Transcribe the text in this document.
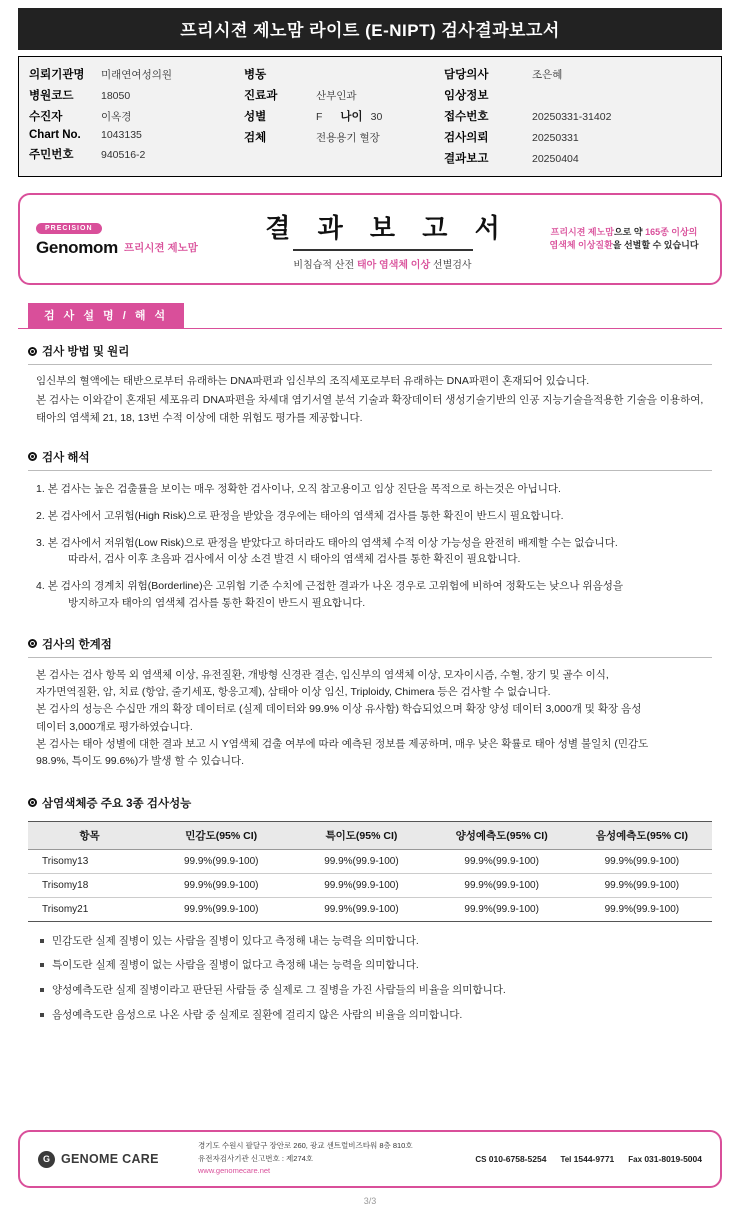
프리시젼 제노맘 라이트 (E-NIPT) 검사결과보고서
의뢰기관명	미래연여성의원
병원코드	18050
수진자	이옥경
Chart No.	1043135
주민번호	940516-2
병동
진료과	산부인과
성별	F 나이 30
검체	전용용기 혈장
담당의사	조은혜
임상정보
접수번호	20250331-31402
검사의뢰	20250331
결과보고	20250404
PRECISION
Genomom 프리시젼 제노맘
결 과 보 고 서
비침습적 산전 태아 염색체 이상 선별검사
프리시젼 제노맘으로 약 165종 이상의
염색체 이상질환을 선별할 수 있습니다
검 사 설 명 / 해 석
검사 방법 및 원리
임신부의 혈액에는 태반으로부터 유래하는 DNA파편과 임신부의 조직세포로부터 유래하는 DNA파편이 혼재되어 있습니다.
본 검사는 이와같이 혼재된 세포유리 DNA파편을 차세대 염기서열 분석 기술과 확장데이터 생성기술기반의 인공 지능기술을적용한 기술을 이용하여, 태아의 염색체 21, 18, 13번 수적 이상에 대한 위험도 평가를 제공합니다.
검사 해석
1. 본 검사는 높은 검출률을 보이는 매우 정확한 검사이나, 오직 참고용이고 임상 진단을 목적으로 하는것은 아닙니다.
2. 본 검사에서 고위험(High Risk)으로 판정을 받았을 경우에는 태아의 염색체 검사를 통한 확진이 반드시 필요합니다.
3. 본 검사에서 저위험(Low Risk)으로 판정을 받았다고 하더라도 태아의 염색체 수적 이상 가능성을 완전히 배제할 수는 없습니다.
따라서, 검사 이후 초음파 검사에서 이상 소견 발견 시 태아의 염색체 검사를 통한 확진이 필요합니다.
4. 본 검사의 경계치 위험(Borderline)은 고위험 기준 수치에 근접한 결과가 나온 경우로 고위험에 비하여 정확도는 낮으나 위음성을
방지하고자 태아의 염색체 검사를 통한 확진이 반드시 필요합니다.
검사의 한계점
본 검사는 검사 항목 외 염색체 이상, 유전질환, 개방형 신경관 결손, 임신부의 염색체 이상, 모자이시즘, 수혈, 장기 및 골수 이식,
자가면역질환, 암, 치료 (항암, 줄기세포, 항응고제), 삼태아 이상 임신, Triploidy, Chimera 등은 검사할 수 없습니다.
본 검사의 성능은 수십만 개의 확장 데이터로 (실제 데이터와 99.9% 이상 유사함) 학습되었으며 확장 양성 데이터 3,000개 및 확장 음성
데이터 3,000개로 평가하였습니다.
본 검사는 태아 성별에 대한 결과 보고 시 Y염색체 검출 여부에 따라 예측된 정보를 제공하며, 매우 낮은 확률로 태아 성별 불일치 (민감도
98.9%, 특이도 99.6%)가 발생 할 수 있습니다.
삼염색체증 주요 3종 검사성능
항목	민감도(95% CI)	특이도(95% CI)	양성예측도(95% CI)	음성예측도(95% CI)
Trisomy13	99.9%(99.9-100)	99.9%(99.9-100)	99.9%(99.9-100)	99.9%(99.9-100)
Trisomy18	99.9%(99.9-100)	99.9%(99.9-100)	99.9%(99.9-100)	99.9%(99.9-100)
Trisomy21	99.9%(99.9-100)	99.9%(99.9-100)	99.9%(99.9-100)	99.9%(99.9-100)
민감도란 실제 질병이 있는 사람을 질병이 있다고 측정해 내는 능력을 의미합니다.
특이도란 실제 질병이 없는 사람을 질병이 없다고 측정해 내는 능력을 의미합니다.
양성예측도란 실제 질병이라고 판단된 사람들 중 실제로 그 질병을 가진 사람들의 비율을 의미합니다.
음성예측도란 음성으로 나온 사람 중 실제로 질환에 걸리지 않은 사람의 비율을 의미합니다.
G GENOME CARE
경기도 수원시 팔달구 장안로 260, 광교 센트럴비즈타워 8층 810호
유전자검사기관 신고번호 : 제274호
www.genomecare.net
CS 010-6758-5254 Tel 1544-9771 Fax 031-8019-5004
3/3
